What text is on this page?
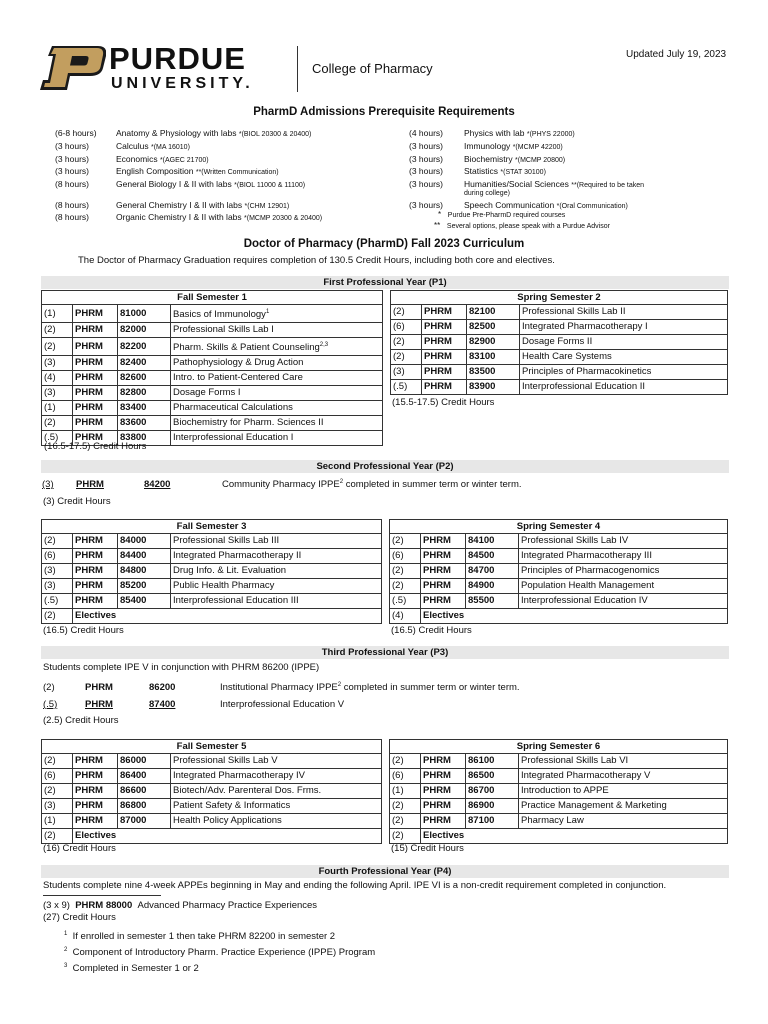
PURDUE
UNIVERSITY.
College of Pharmacy
Updated July 19, 2023
PharmD Admissions Prerequisite Requirements
(6-8 hours) Anatomy & Physiology with labs *(BIOL 20300 & 20400)
(3 hours)	Calculus *(MA 16010)
(3 hours)	Economics *(AGEC 21700)
(3 hours)	English Composition **(Written Communication)
(8 hours)	General Biology I & II with labs *(BIOL 11000 & 11100)
(8 hours)	General Chemistry I & II with labs *(CHM 12901)
(8 hours)	Organic Chemistry I & II with labs *(MCMP 20300 & 20400)
(4 hours) Physics with lab *(PHYS 22000)
(3 hours) Immunology *(MCMP 42200)
(3 hours) Biochemistry *(MCMP 20800)
(3 hours) Statistics *(STAT 30100)
(3 hours) Humanities/Social Sciences **(Required to be taken
during college)
(3 hours) Speech Communication *(Oral Communication)
* Purdue Pre-PharmD required courses
** Several options, please speak with a Purdue Advisor
Doctor of Pharmacy (PharmD) Fall 2023 Curriculum
The Doctor of Pharmacy Graduation requires completion of 130.5 Credit Hours, including both core and electives.
First Professional Year (P1)
Fall Semester 1			
(1)	PHRM	81000	Basics of Immunology$^1$
(2)	PHRM	82000	Professional Skills Lab I
(2)	PHRM	82200	Pharm. Skills & Patient Counseling$^{2,3}$
(3)	PHRM	82400	Pathophysiology & Drug Action
(4)	PHRM	82600	Intro. to Patient-Centered Care
(3)	PHRM	82800	Dosage Forms I
(1)	PHRM	83400	Pharmaceutical Calculations
(2)	PHRM	83600	Biochemistry for Pharm. Sciences II
(.5)	PHRM	83800	Interprofessional Education I
(16.5-17.5) Credit Hours
Spring Semester 2			
(2)	PHRM	82100	Professional Skills Lab II
(6)	PHRM	82500	Integrated Pharmacotherapy I
(2)	PHRM	82900	Dosage Forms II
(2)	PHRM	83100	Health Care Systems
(3)	PHRM	83500	Principles of Pharmacokinetics
(.5)	PHRM	83900	Interprofessional Education II
(15.5-17.5) Credit Hours
Second Professional Year (P2)
(3) PHRM	84200	Community Pharmacy IPPE$^2$ completed in summer term or winter term.
(3) Credit Hours
Fall Semester 3			
(2)	PHRM	84000	Professional Skills Lab III
(6)	PHRM	84400	Integrated Pharmacotherapy II
(3)	PHRM	84800	Drug Info. & Lit. Evaluation
(3)	PHRM	85200	Public Health Pharmacy
(.5)	PHRM	85400	Interprofessional Education III
(2)	Electives		
(16.5) Credit Hours
Spring Semester 4			
(2)	PHRM	84100	Professional Skills Lab IV
(6)	PHRM	84500	Integrated Pharmacotherapy III
(2)	PHRM	84700	Principles of Pharmacogenomics
(2)	PHRM	84900	Population Health Management
(.5)	PHRM	85500	Interprofessional Education IV
(4)	Electives		
(16.5) Credit Hours
Third Professional Year (P3)
Students complete IPE V in conjunction with PHRM 86200 (IPPE)
(2)	PHRM	86200	Institutional Pharmacy IPPE$^2$ completed in summer term or winter term.
(.5)	PHRM	87400	Interprofessional Education V
(2.5) Credit Hours
Fall Semester 5			
(2)	PHRM	86000	Professional Skills Lab V
(6)	PHRM	86400	Integrated Pharmacotherapy IV
(2)	PHRM	86600	Biotech/Adv. Parenteral Dos. Frms.
(3)	PHRM	86800	Patient Safety & Informatics
(1)	PHRM	87000	Health Policy Applications
(2)	Electives		
(16) Credit Hours
Spring Semester 6			
(2)	PHRM	86100	Professional Skills Lab VI
(6)	PHRM	86500	Integrated Pharmacotherapy V
(1)	PHRM	86700	Introduction to APPE
(2)	PHRM	86900	Practice Management & Marketing
(2)	PHRM	87100	Pharmacy Law
(2)	Electives		
(15) Credit Hours
Fourth Professional Year (P4)
Students complete nine 4-week APPEs beginning in May and ending the following April. IPE VI is a non-credit requirement completed in conjunction.
(3 x 9) PHRM 88000 Advanced Pharmacy Practice Experiences
(27) Credit Hours
$^1$ If enrolled in semester 1 then take PHRM 82200 in semester 2
$^2$ Component of Introductory Pharm. Practice Experience (IPPE) Program
$^3$ Completed in Semester 1 or 2
